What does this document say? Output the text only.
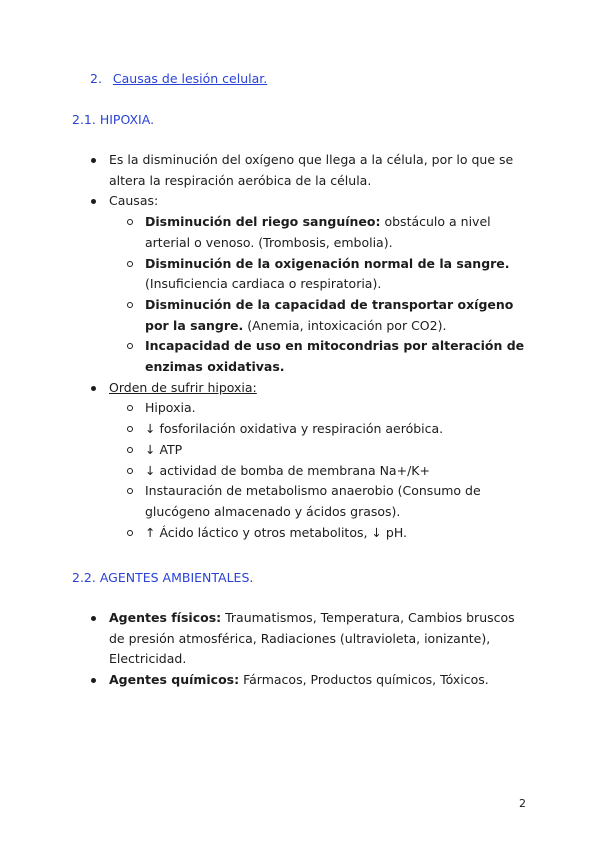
2. Causas de lesión celular.
2.1. HIPOXIA.
Es la disminución del oxígeno que llega a la célula, por lo que se altera la respiración aeróbica de la célula.
Causas:
Disminución del riego sanguíneo: obstáculo a nivel arterial o venoso. (Trombosis, embolia).
Disminución de la oxigenación normal de la sangre. (Insuficiencia cardiaca o respiratoria).
Disminución de la capacidad de transportar oxígeno por la sangre. (Anemia, intoxicación por CO2).
Incapacidad de uso en mitocondrias por alteración de enzimas oxidativas.
Orden de sufrir hipoxia:
Hipoxia.
↓ fosforilación oxidativa y respiración aeróbica.
↓ ATP
↓ actividad de bomba de membrana Na+/K+
Instauración de metabolismo anaerobio (Consumo de glucógeno almacenado y ácidos grasos).
↑ Ácido láctico y otros metabolitos, ↓ pH.
2.2. AGENTES AMBIENTALES.
Agentes físicos: Traumatismos, Temperatura, Cambios bruscos de presión atmosférica, Radiaciones (ultravioleta, ionizante), Electricidad.
Agentes químicos: Fármacos, Productos químicos, Tóxicos.
2
